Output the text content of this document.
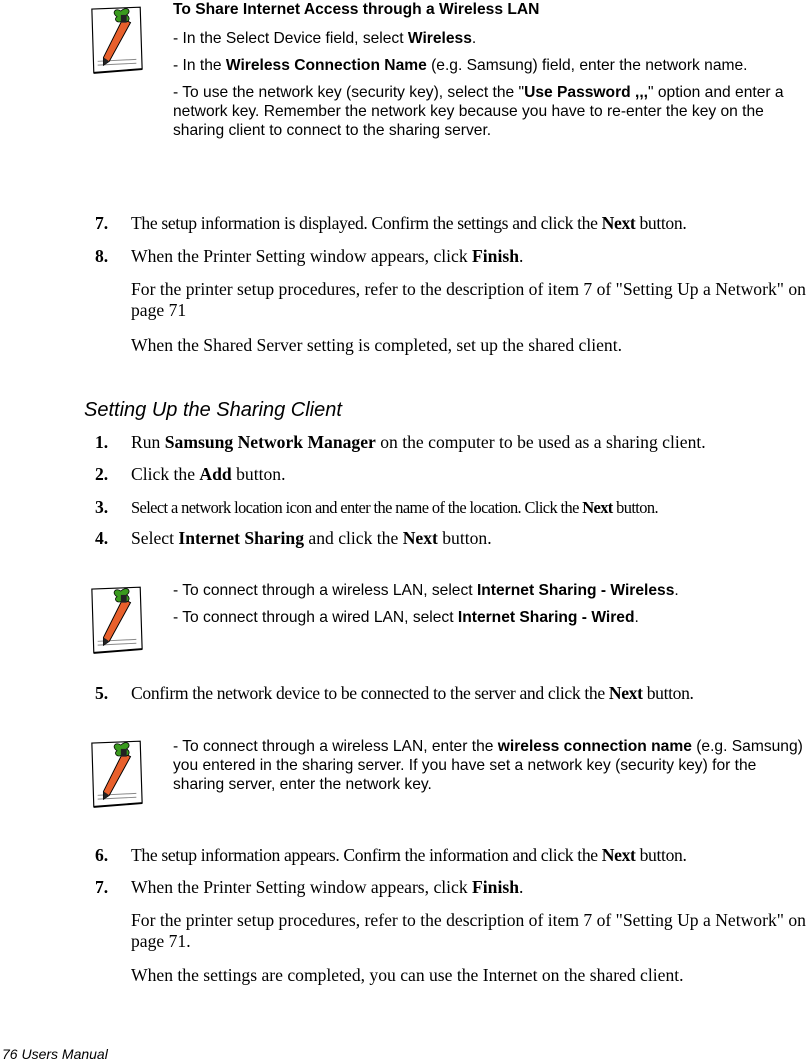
To Share Internet Access through a Wireless LAN

- In the Select Device field, select Wireless.

- In the Wireless Connection Name (e.g. Samsung) field, enter the network name.

- To use the network key (security key), select the "Use Password ,,," option and enter a network key. Remember the network key because you have to re-enter the key on the sharing client to connect to the sharing server.

7. The setup information is displayed. Confirm the settings and click the Next button.
8. When the Printer Setting window appears, click Finish.
For the printer setup procedures, refer to the description of item 7 of "Setting Up a Network" on page 71
When the Shared Server setting is completed, set up the shared client.
Setting Up the Sharing Client
1. Run Samsung Network Manager on the computer to be used as a sharing client.
2. Click the Add button.
3. Select a network location icon and enter the name of the location. Click the Next button.
4. Select Internet Sharing and click the Next button.

- To connect through a wireless LAN, select Internet Sharing - Wireless.

- To connect through a wired LAN, select Internet Sharing - Wired.

5. Confirm the network device to be connected to the server and click the Next button.

- To connect through a wireless LAN, enter the wireless connection name (e.g. Samsung) you entered in the sharing server. If you have set a network key (security key) for the sharing server, enter the network key.

6. The setup information appears. Confirm the information and click the Next button.
7. When the Printer Setting window appears, click Finish.
For the printer setup procedures, refer to the description of item 7 of "Setting Up a Network" on page 71.
When the settings are completed, you can use the Internet on the shared client.
76 Users Manual
